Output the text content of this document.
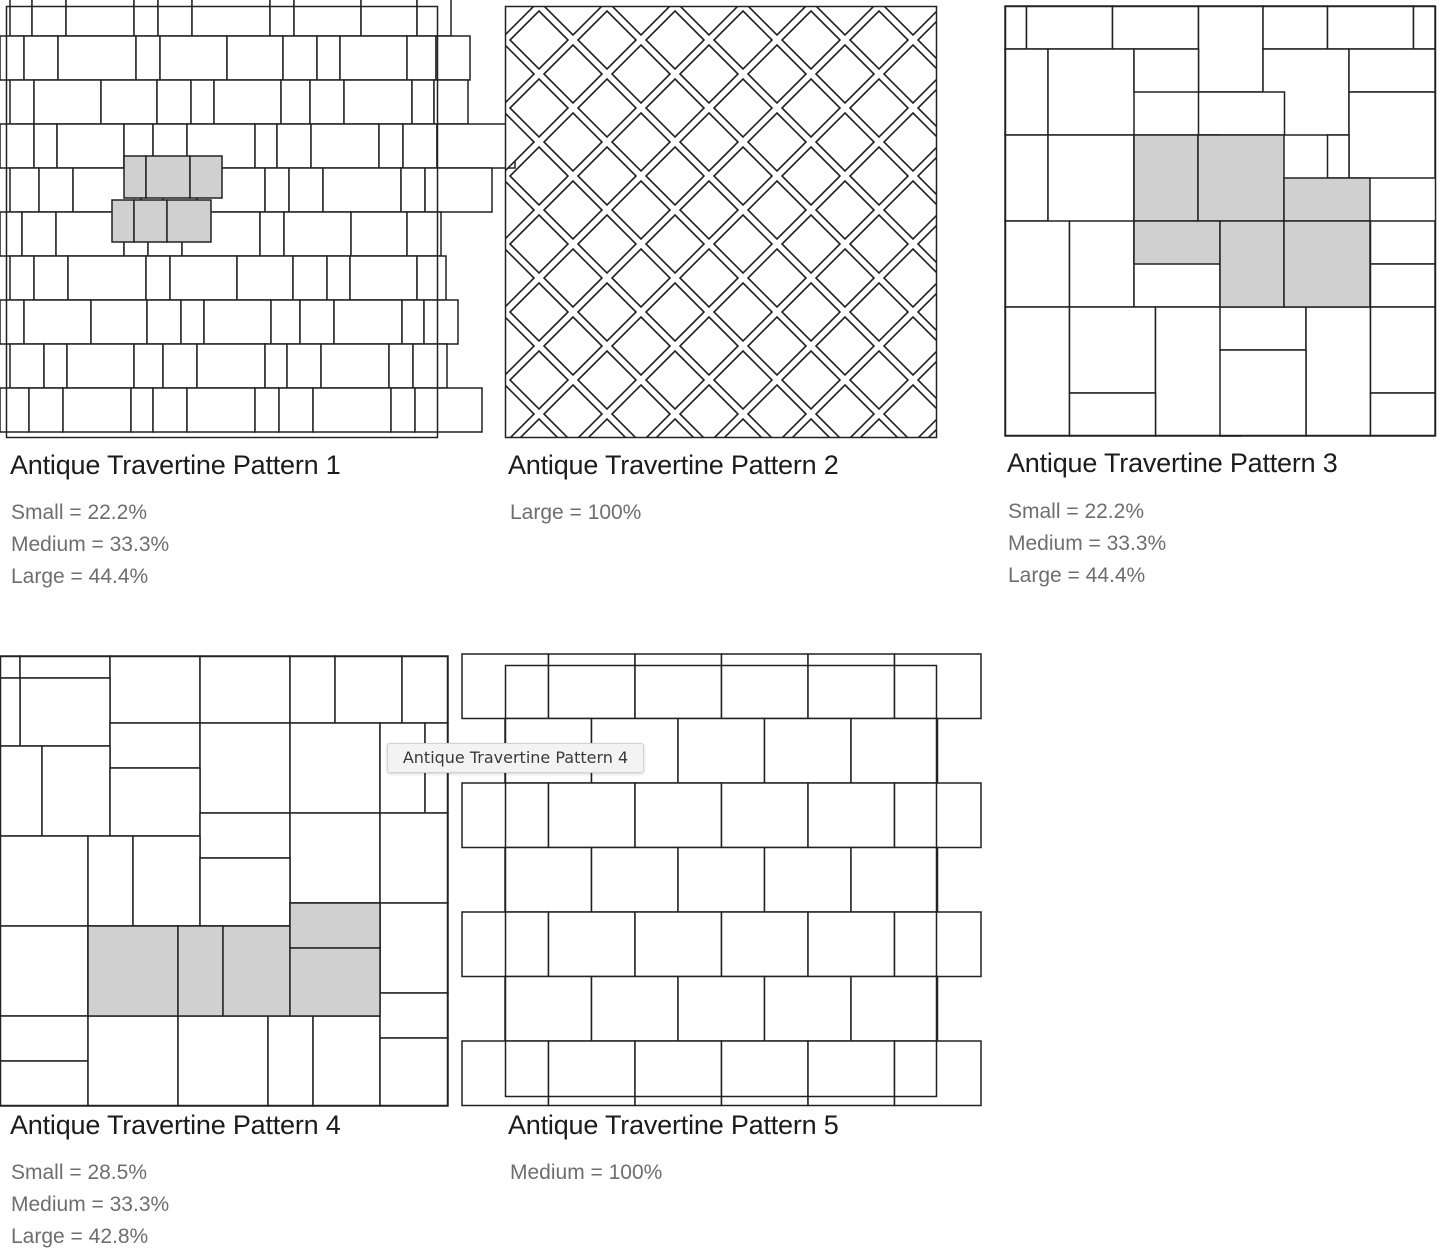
Antique Travertine Pattern 1
Small = 22.2%
Medium = 33.3%
Large = 44.4%
Antique Travertine Pattern 2
Large = 100%
Antique Travertine Pattern 3
Small = 22.2%
Medium = 33.3%
Large = 44.4%
Antique Travertine Pattern 4
Small = 28.5%
Medium = 33.3%
Large = 42.8%
Antique Travertine Pattern 5
Medium = 100%
Antique Travertine Pattern 4
